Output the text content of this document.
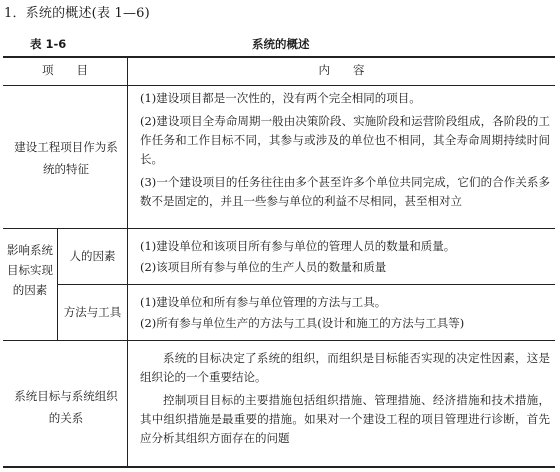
1．系统的概述(表 1—6)
表 1-6	系统的概述
项　　目	内　　容
建设工程项目作为系统的特征

(1)建设项目都是一次性的，没有两个完全相同的项目。

(2)建设项目全寿命周期一般由决策阶段、实施阶段和运营阶段组成，各阶段的工作任务和工作目标不同，其参与或涉及的单位也不相同，其全寿命周期持续时间长。

(3)一个建设项目的任务往往由多个甚至许多个单位共同完成，它们的合作关系多数不是固定的，并且一些参与单位的利益不尽相同，甚至相对立

影响系统目标实现的因素
人的因素

(1)建设单位和该项目所有参与单位的管理人员的数量和质量。

(2)该项目所有参与单位的生产人员的数量和质量

方法与工具

(1)建设单位和所有参与单位管理的方法与工具。

(2)所有参与单位生产的方法与工具(设计和施工的方法与工具等)

系统目标与系统组织的关系

系统的目标决定了系统的组织，而组织是目标能否实现的决定性因素，这是组织论的一个重要结论。

控制项目目标的主要措施包括组织措施、管理措施、经济措施和技术措施，其中组织措施是最重要的措施。如果对一个建设工程的项目管理进行诊断，首先应分析其组织方面存在的问题
